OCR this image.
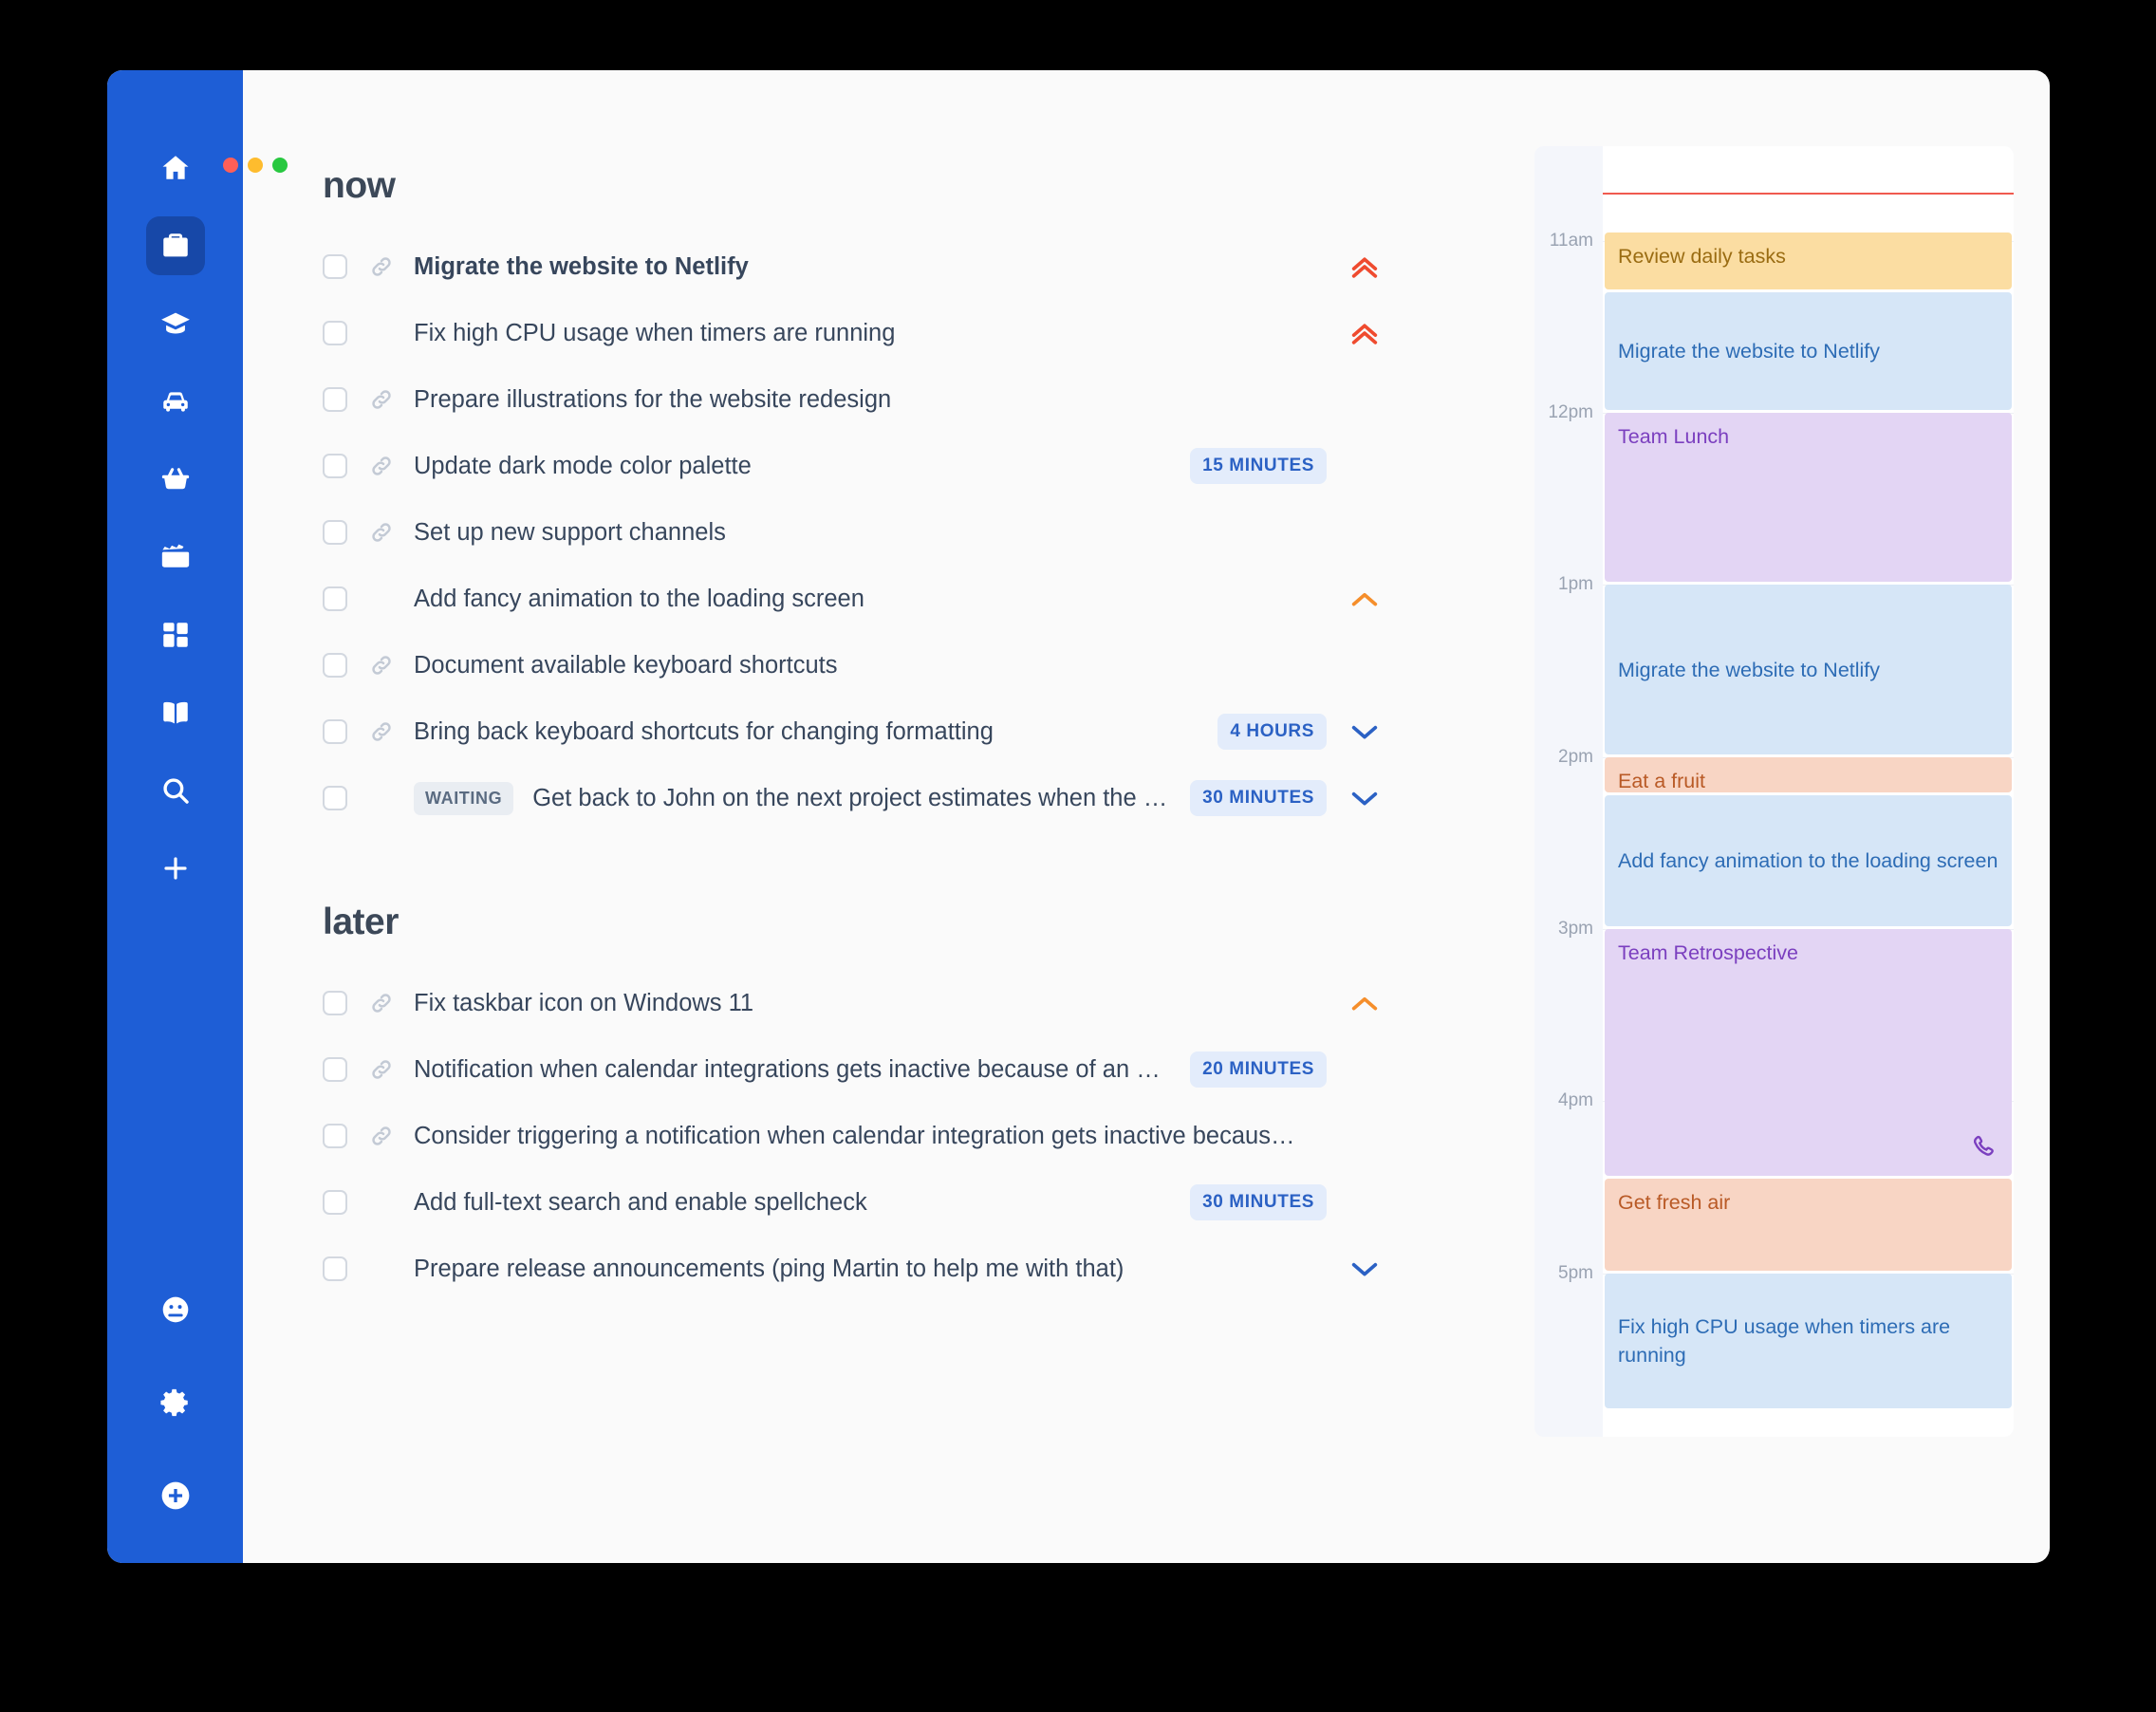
now
Migrate the website to Netlify
Fix high CPU usage when timers are running
Prepare illustrations for the website redesign
Update dark mode color palette	15 MINUTES
Set up new support channels
Add fancy animation to the loading screen
Document available keyboard shortcuts
Bring back keyboard shortcuts for changing formatting	4 HOURS
WAITING	Get back to John on the next project estimates when the …	30 MINUTES
later
Fix taskbar icon on Windows 11
Notification when calendar integrations gets inactive because of an …	20 MINUTES
Consider triggering a notification when calendar integration gets inactive becaus…
Add full-text search and enable spellcheck	30 MINUTES
Prepare release announcements (ping Martin to help me with that)
11am
12pm
1pm
2pm
3pm
4pm
5pm
Review daily tasks
Migrate the website to Netlify
Team Lunch
Migrate the website to Netlify
Eat a fruit
Add fancy animation to the loading screen
Team Retrospective
Get fresh air
Fix high CPU usage when timers are running
